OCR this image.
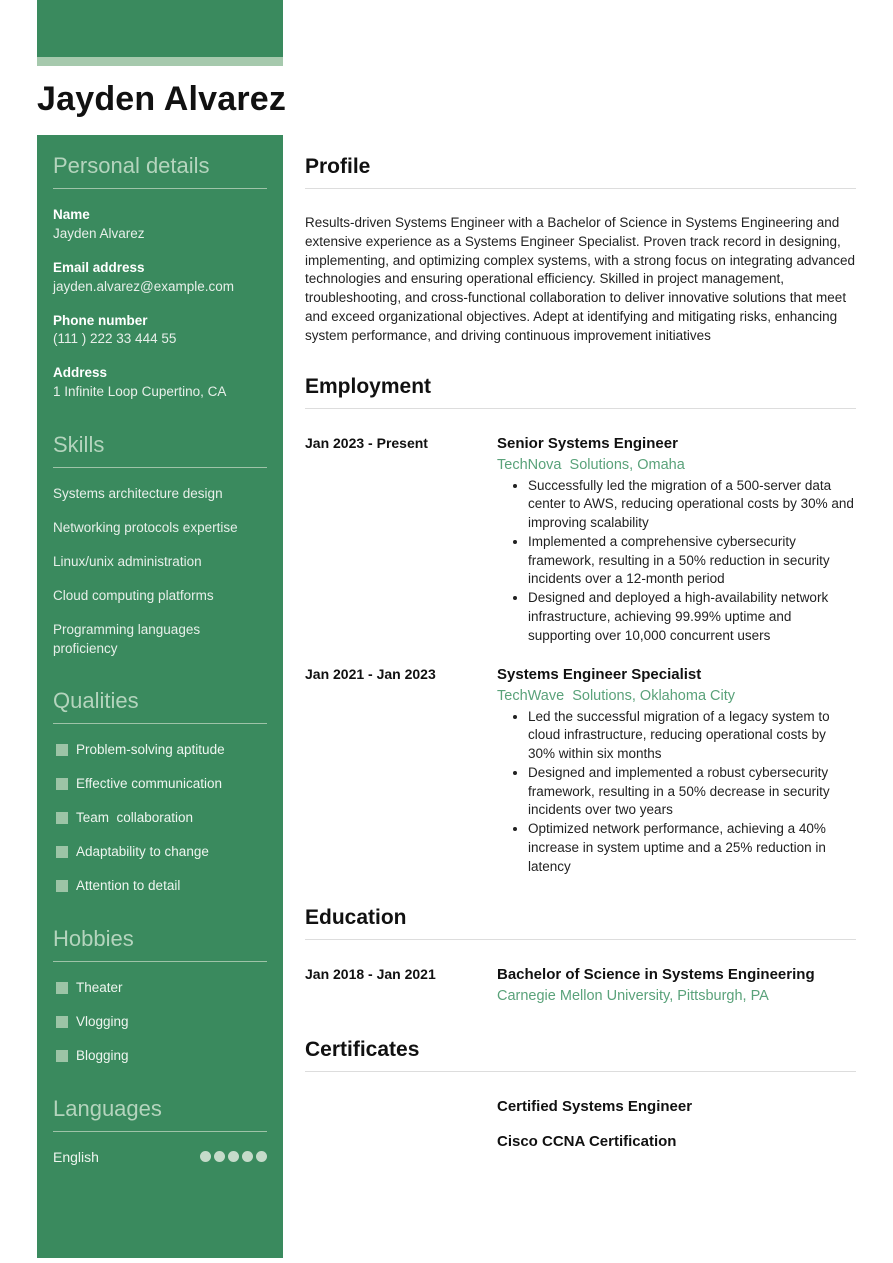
Jayden Alvarez
Personal details
Name
Jayden Alvarez
Email address
jayden.alvarez@example.com
Phone number
(111 ) 222 33 444 55
Address
1 Infinite Loop Cupertino, CA
Skills
Systems architecture design
Networking protocols expertise
Linux/unix administration
Cloud computing platforms
Programming languages proficiency
Qualities
Problem-solving aptitude
Effective communication
Team  collaboration
Adaptability to change
Attention to detail
Hobbies
Theater
Vlogging
Blogging
Languages
English
Profile

Results-driven Systems Engineer with a Bachelor of Science in Systems Engineering and extensive experience as a Systems Engineer Specialist. Proven track record in designing, implementing, and optimizing complex systems, with a strong focus on integrating advanced technologies and ensuring operational efficiency. Skilled in project management, troubleshooting, and cross-functional collaboration to deliver innovative solutions that meet and exceed organizational objectives. Adept at identifying and mitigating risks, enhancing system performance, and driving continuous improvement initiatives

Employment
Jan 2023 - Present	Senior Systems Engineer
TechNova  Solutions, Omaha
• Successfully led the migration of a 500-server data center to AWS, reducing operational costs by 30% and improving scalability
• Implemented a comprehensive cybersecurity framework, resulting in a 50% reduction in security incidents over a 12-month period
• Designed and deployed a high-availability network infrastructure, achieving 99.99% uptime and supporting over 10,000 concurrent users
Jan 2021 - Jan 2023	Systems Engineer Specialist
TechWave  Solutions, Oklahoma City
• Led the successful migration of a legacy system to cloud infrastructure, reducing operational costs by 30% within six months
• Designed and implemented a robust cybersecurity framework, resulting in a 50% decrease in security incidents over two years
• Optimized network performance, achieving a 40% increase in system uptime and a 25% reduction in latency
Education
Jan 2018 - Jan 2021	Bachelor of Science in Systems Engineering
Carnegie Mellon University, Pittsburgh, PA
Certificates
Certified Systems Engineer
Cisco CCNA Certification
